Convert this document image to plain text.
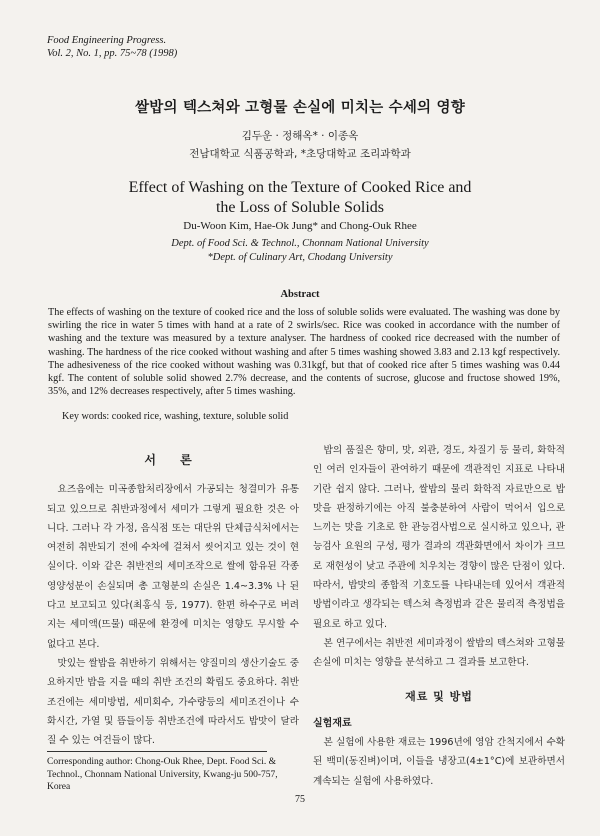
Food Engineering Progress.
Vol. 2, No. 1, pp. 75~78 (1998)
쌀밥의 텍스쳐와 고형물 손실에 미치는 수세의 영향
김두운 · 정해옥* · 이종옥
전남대학교 식품공학과, *초당대학교 조리과학과
Effect of Washing on the Texture of Cooked Rice and
the Loss of Soluble Solids
Du-Woon Kim, Hae-Ok Jung* and Chong-Ouk Rhee
Dept. of Food Sci. & Technol., Chonnam National University
*Dept. of Culinary Art, Chodang University
Abstract

The effects of washing on the texture of cooked rice and the loss of soluble solids were evaluated. The washing was done by swirling the rice in water 5 times with hand at a rate of 2 swirls/sec. Rice was cooked in accordance with the number of washing and the texture was measured by a texture analyser. The hardness of cooked rice decreased with the number of washing. The hardness of the rice cooked without washing and after 5 times washing showed 3.83 and 2.13 kgf respectively. The adhesiveness of the rice cooked without washing was 0.31kgf, but that of cooked rice after 5 times washing was 0.44 kgf. The content of soluble solid showed 2.7% decrease, and the contents of sucrose, glucose and fructose showed 19%, 35%, and 12% decreases respectively, after 5 times washing.

Key words: cooked rice, washing, texture, soluble solid
서 론

요즈음에는 미곡종합처리장에서 가공되는 청결미가 유통되고 있으므로 취반과정에서 세미가 그렇게 필요한 것은 아니다. 그러나 각 가정, 음식점 또는 대단위 단체급식처에서는 여전히 취반되기 전에 수차에 걸쳐서 씻어지고 있는 것이 현실이다. 이와 같은 취반전의 세미조작으로 쌀에 함유된 각종 영양성분이 손실되며 총 고형분의 손실은 1.4~3.3% 나 된다고 보고되고 있다(최홍식 등, 1977). 한편 하수구로 버려지는 세미액(뜨물) 때문에 환경에 미치는 영향도 무시할 수 없다고 본다.

맛있는 쌀밥을 취반하기 위해서는 양질미의 생산기술도 중요하지만 밥을 지을 때의 취반 조건의 확립도 중요하다. 취반조건에는 세미방법, 세미회수, 가수량등의 세미조건이나 수화시간, 가열 및 뜸들이등 취반조건에 따라서도 밥맛이 달라질 수 있는 여건들이 많다.

Corresponding author: Chong-Ouk Rhee, Dept. Food Sci. & Technol., Chonnam National University, Kwang-ju 500-757, Korea

밥의 품질은 향미, 맛, 외관, 경도, 차질기 등 물리, 화학적인 여러 인자들이 관여하기 때문에 객관적인 지표로 나타내기란 쉽지 않다. 그러나, 쌀밥의 물리 화학적 자료만으로 밥맛을 판정하기에는 아직 불충분하여 사람이 먹어서 입으로 느끼는 맛을 기초로 한 관능검사법으로 실시하고 있으나, 관능검사 요원의 구성, 평가 결과의 객관화면에서 차이가 크므로 재현성이 낮고 주관에 치우치는 경향이 많은 단점이 있다. 따라서, 밥맛의 종합적 기호도를 나타내는데 있어서 객관적 방법이라고 생각되는 텍스쳐 측정법과 같은 물리적 측정법을 필요로 하고 있다.

본 연구에서는 취반전 세미과정이 쌀밥의 텍스쳐와 고형물 손실에 미치는 영향을 분석하고 그 결과를 보고한다.

재료 및 방법
실험재료

본 실험에 사용한 재료는 1996년에 영암 간척지에서 수확된 백미(동진벼)이며, 이들을 냉장고(4±1°C)에 보관하면서 계속되는 실험에 사용하였다.

75
